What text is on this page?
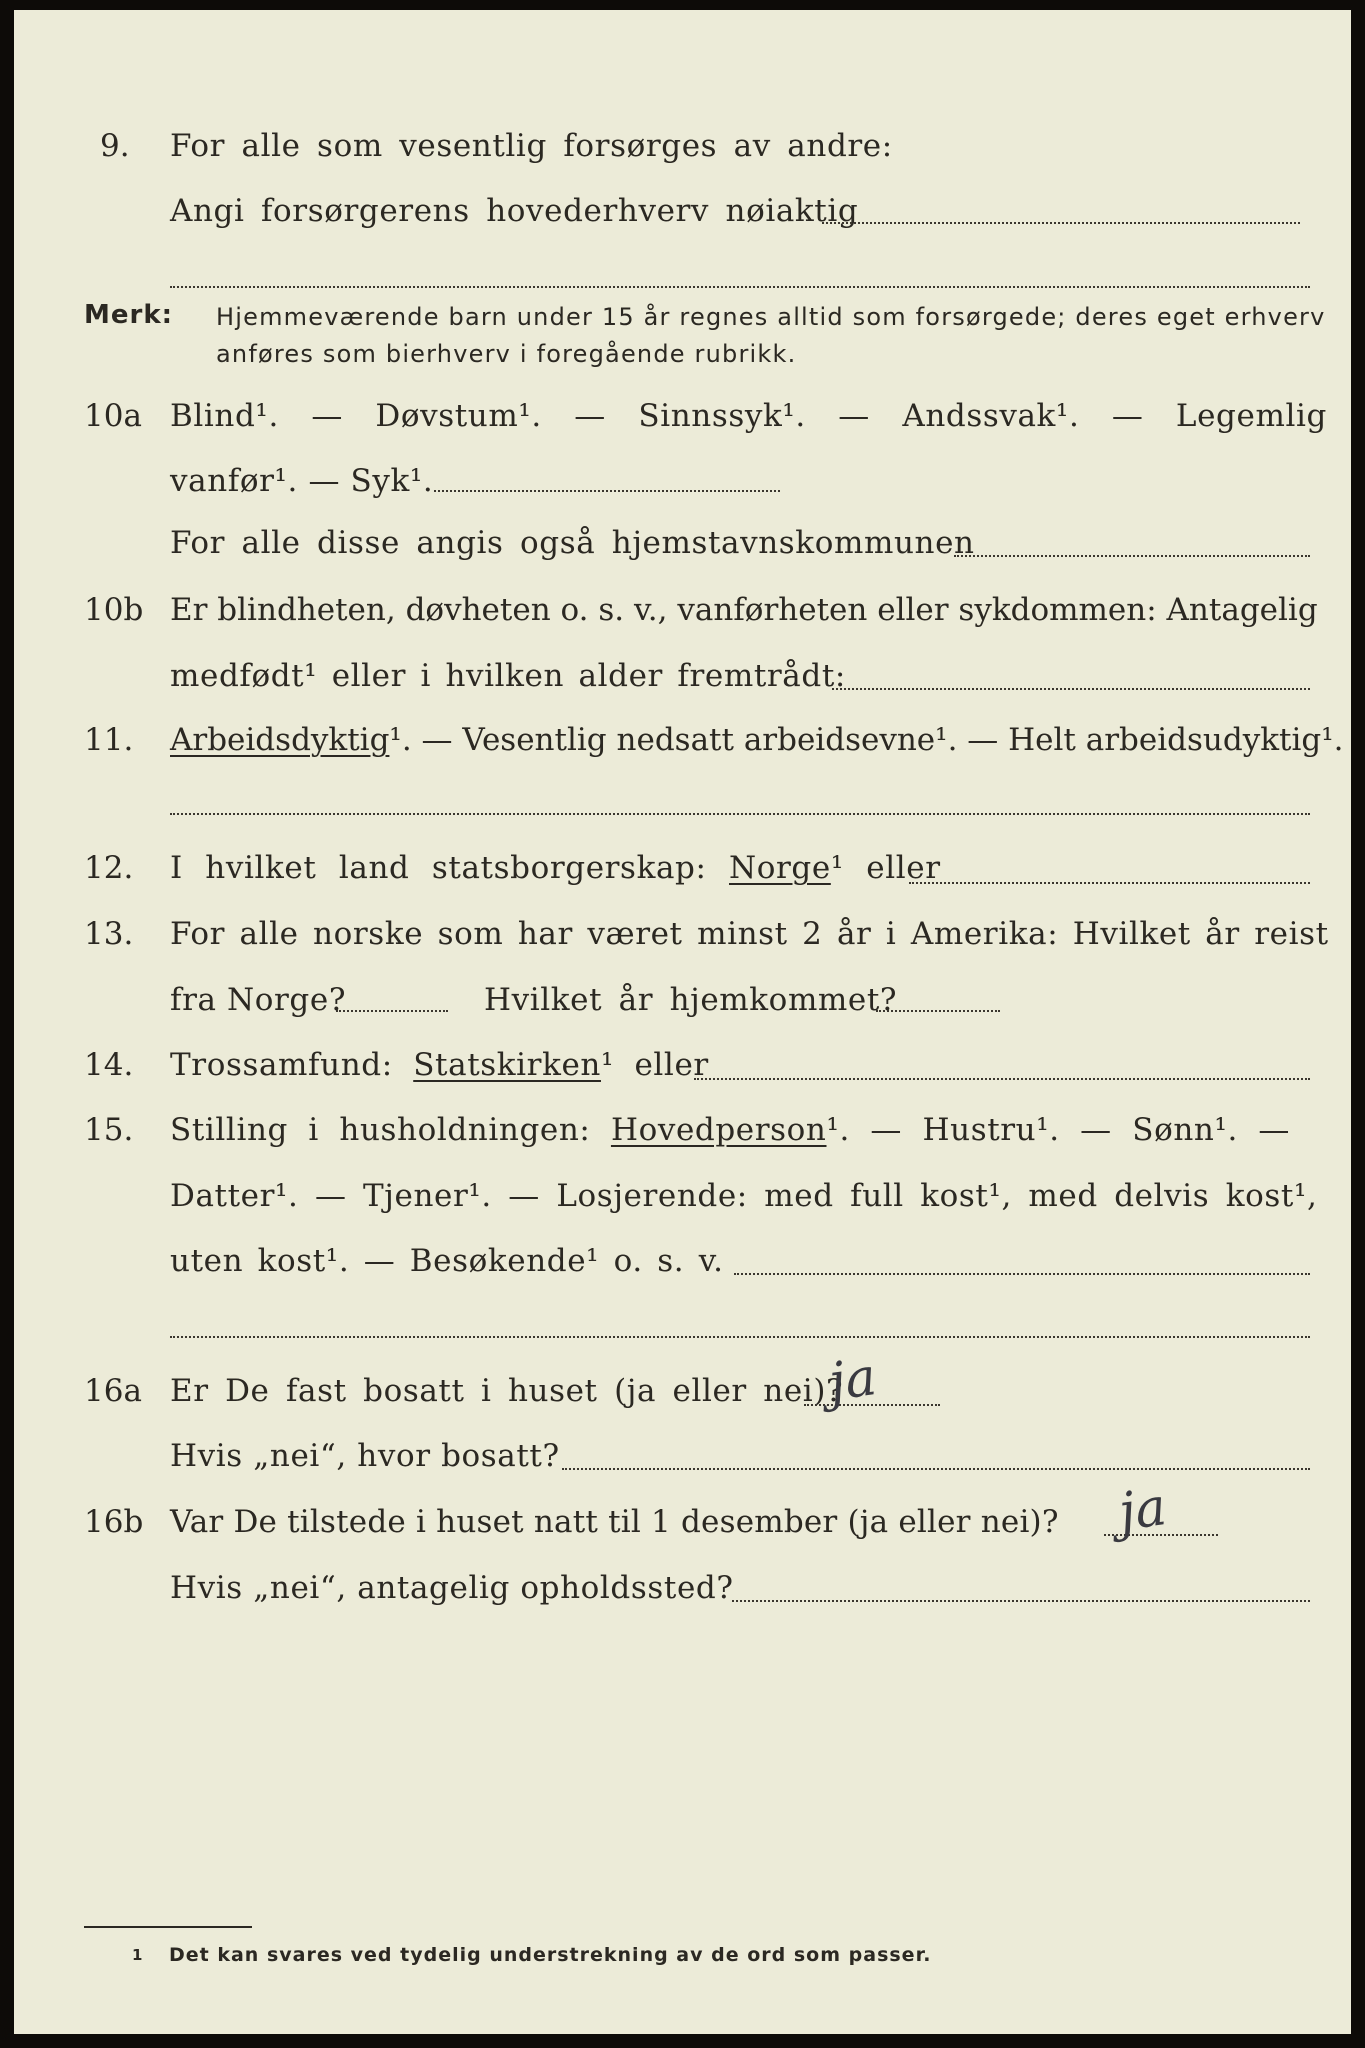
9. For alle som vesentlig forsørges av andre:
Angi forsørgerens hovederhverv nøiaktig
Merk: Hjemmeværende barn under 15 år regnes alltid som forsørgede; deres eget erhverv
anføres som bierhverv i foregående rubrikk.
10a Blind¹. — Døvstum¹. — Sinnssyk¹. — Andssvak¹. — Legemlig
vanfør¹. — Syk¹.
For alle disse angis også hjemstavnskommunen
10b Er blindheten, døvheten o. s. v., vanførheten eller sykdommen: Antagelig
medfødt¹ eller i hvilken alder fremtrådt:
11. Arbeidsdyktig¹. — Vesentlig nedsatt arbeidsevne¹. — Helt arbeidsudyktig¹.
12. I hvilket land statsborgerskap: Norge¹ eller
13. For alle norske som har været minst 2 år i Amerika: Hvilket år reist
fra Norge?	Hvilket år hjemkommet?
14. Trossamfund: Statskirken¹ eller
15. Stilling i husholdningen: Hovedperson¹. — Hustru¹. — Sønn¹. —
Datter¹. — Tjener¹. — Losjerende: med full kost¹, med delvis kost¹,
uten kost¹. — Besøkende¹ o. s. v.
16a Er De fast bosatt i huset (ja eller nei)?
ja
Hvis „nei“, hvor bosatt?
16b Var De tilstede i huset natt til 1 desember (ja eller nei)? ja
Hvis „nei“, antagelig opholdssted?
1 Det kan svares ved tydelig understrekning av de ord som passer.
